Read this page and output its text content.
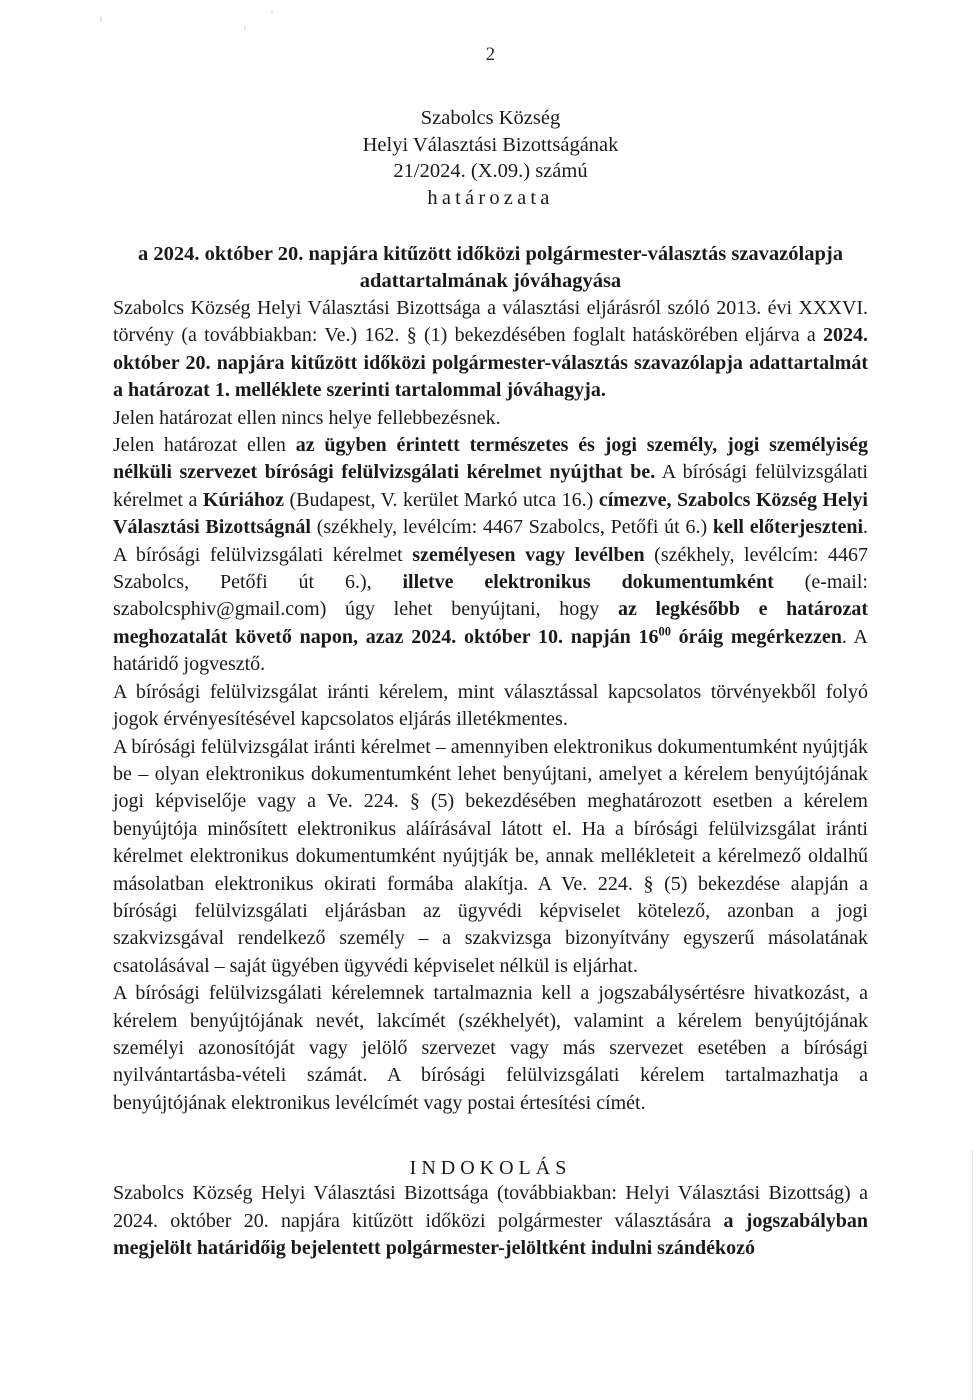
2
Szabolcs Község
Helyi Választási Bizottságának
21/2024. (X.09.) számú
határozata
a 2024. október 20. napjára kitűzött időközi polgármester-választás szavazólapja
adattartalmának jóváhagyása

Szabolcs Község Helyi Választási Bizottsága a választási eljárásról szóló 2013. évi XXXVI. törvény (a továbbiakban: Ve.) 162. § (1) bekezdésében foglalt hatáskörében eljárva a 2024. október 20. napjára kitűzött időközi polgármester-választás szavazólapja adattartalmát a határozat 1. melléklete szerinti tartalommal jóváhagyja.

Jelen határozat ellen nincs helye fellebbezésnek.

Jelen határozat ellen az ügyben érintett természetes és jogi személy, jogi személyiség nélküli szervezet bírósági felülvizsgálati kérelmet nyújthat be. A bírósági felülvizsgálati kérelmet a Kúriához (Budapest, V. kerület Markó utca 16.) címezve, Szabolcs Község Helyi Választási Bizottságnál (székhely, levélcím: 4467 Szabolcs, Petőfi út 6.) kell előterjeszteni. A bírósági felülvizsgálati kérelmet személyesen vagy levélben (székhely, levélcím: 4467 Szabolcs, Petőfi út 6.), illetve elektronikus dokumentumként (e-mail: szabolcsphiv@gmail.com) úgy lehet benyújtani, hogy az legkésőbb e határozat meghozatalát követő napon, azaz 2024. október 10. napján $16^{00}$ óráig megérkezzen. A határidő jogvesztő.

A bírósági felülvizsgálat iránti kérelem, mint választással kapcsolatos törvényekből folyó jogok érvényesítésével kapcsolatos eljárás illetékmentes.

A bírósági felülvizsgálat iránti kérelmet – amennyiben elektronikus dokumentumként nyújtják be – olyan elektronikus dokumentumként lehet benyújtani, amelyet a kérelem benyújtójának jogi képviselője vagy a Ve. 224. § (5) bekezdésében meghatározott esetben a kérelem benyújtója minősített elektronikus aláírásával látott el. Ha a bírósági felülvizsgálat iránti kérelmet elektronikus dokumentumként nyújtják be, annak mellékleteit a kérelmező oldalhű másolatban elektronikus okirati formába alakítja. A Ve. 224. § (5) bekezdése alapján a bírósági felülvizsgálati eljárásban az ügyvédi képviselet kötelező, azonban a jogi szakvizsgával rendelkező személy – a szakvizsga bizonyítvány egyszerű másolatának csatolásával – saját ügyében ügyvédi képviselet nélkül is eljárhat.

A bírósági felülvizsgálati kérelemnek tartalmaznia kell a jogszabálysértésre hivatkozást, a kérelem benyújtójának nevét, lakcímét (székhelyét), valamint a kérelem benyújtójának személyi azonosítóját vagy jelölő szervezet vagy más szervezet esetében a bírósági nyilvántartásba-vételi számát. A bírósági felülvizsgálati kérelem tartalmazhatja a benyújtójának elektronikus levélcímét vagy postai értesítési címét.

INDOKOLÁS

Szabolcs Község Helyi Választási Bizottsága (továbbiakban: Helyi Választási Bizottság) a 2024. október 20. napjára kitűzött időközi polgármester választására a jogszabályban megjelölt határidőig bejelentett polgármester-jelöltként indulni szándékozó
